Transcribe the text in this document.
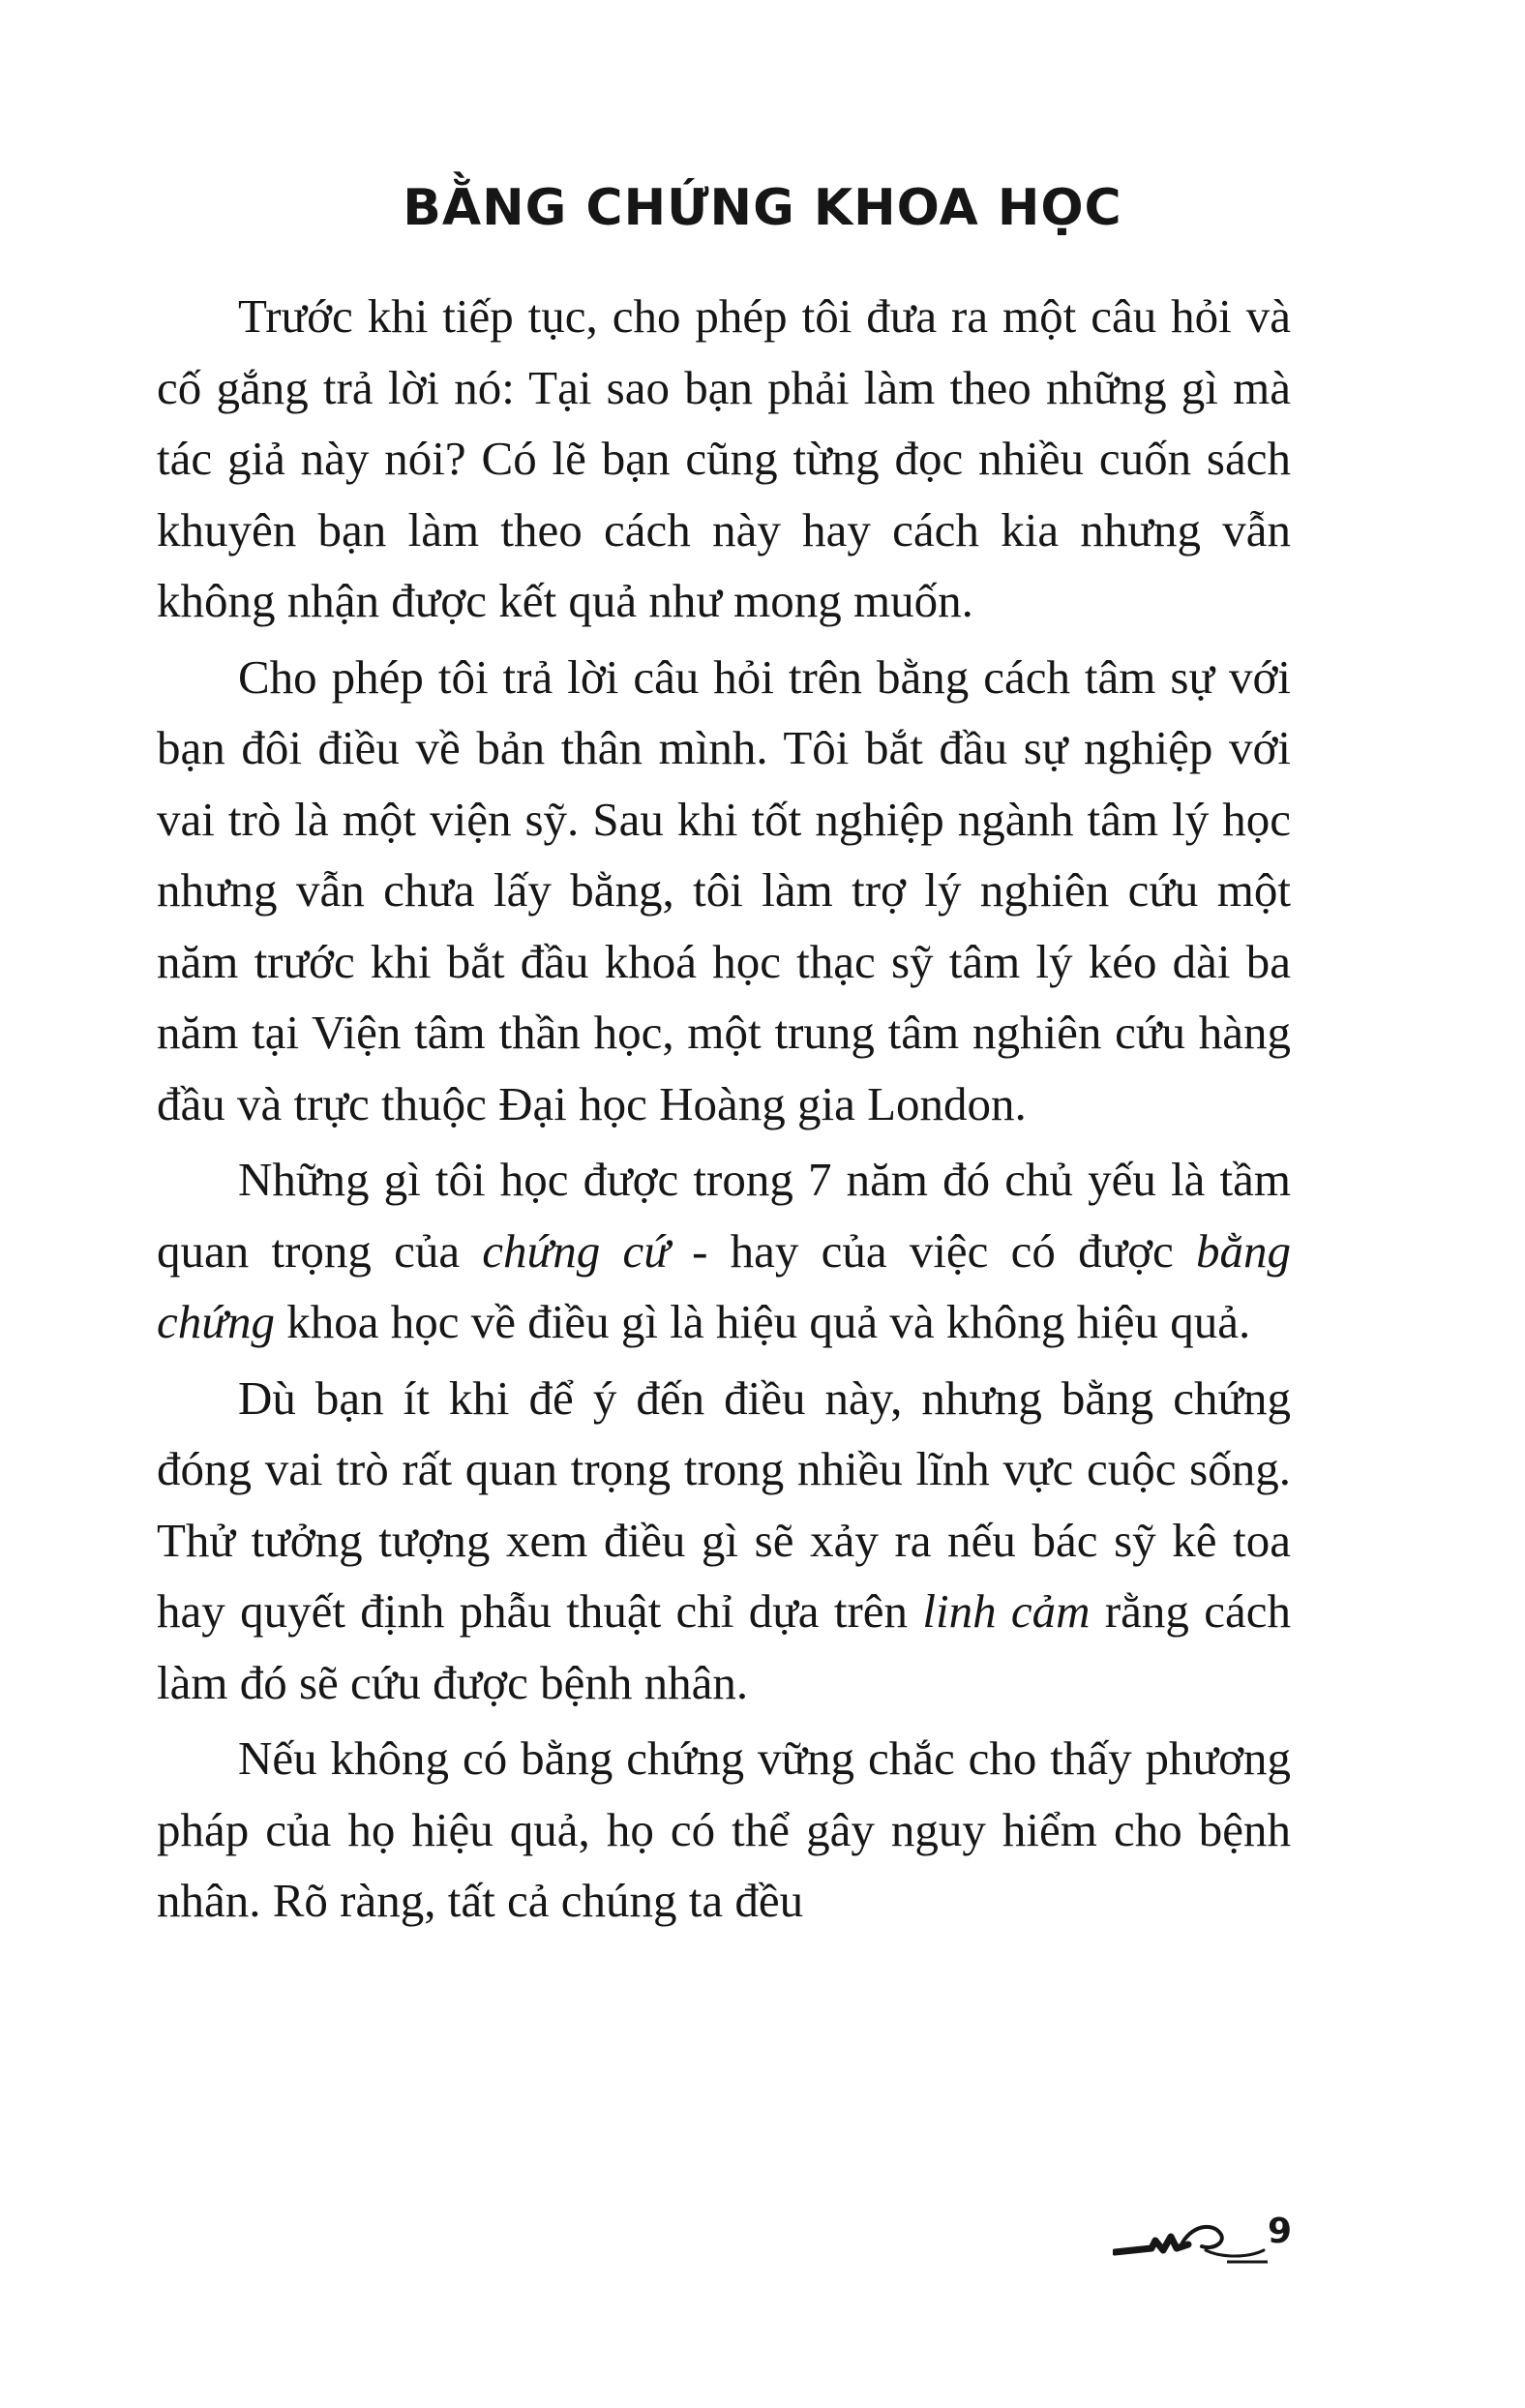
BẰNG CHỨNG KHOA HỌC

Trước khi tiếp tục, cho phép tôi đưa ra một câu hỏi và cố gắng trả lời nó: Tại sao bạn phải làm theo những gì mà tác giả này nói? Có lẽ bạn cũng từng đọc nhiều cuốn sách khuyên bạn làm theo cách này hay cách kia nhưng vẫn không nhận được kết quả như mong muốn.

Cho phép tôi trả lời câu hỏi trên bằng cách tâm sự với bạn đôi điều về bản thân mình. Tôi bắt đầu sự nghiệp với vai trò là một viện sỹ. Sau khi tốt nghiệp ngành tâm lý học nhưng vẫn chưa lấy bằng, tôi làm trợ lý nghiên cứu một năm trước khi bắt đầu khoá học thạc sỹ tâm lý kéo dài ba năm tại Viện tâm thần học, một trung tâm nghiên cứu hàng đầu và trực thuộc Đại học Hoàng gia London.

Những gì tôi học được trong 7 năm đó chủ yếu là tầm quan trọng của chứng cứ - hay của việc có được bằng chứng khoa học về điều gì là hiệu quả và không hiệu quả.

Dù bạn ít khi để ý đến điều này, nhưng bằng chứng đóng vai trò rất quan trọng trong nhiều lĩnh vực cuộc sống. Thử tưởng tượng xem điều gì sẽ xảy ra nếu bác sỹ kê toa hay quyết định phẫu thuật chỉ dựa trên linh cảm rằng cách làm đó sẽ cứu được bệnh nhân.

Nếu không có bằng chứng vững chắc cho thấy phương pháp của họ hiệu quả, họ có thể gây nguy hiểm cho bệnh nhân. Rõ ràng, tất cả chúng ta đều

9
